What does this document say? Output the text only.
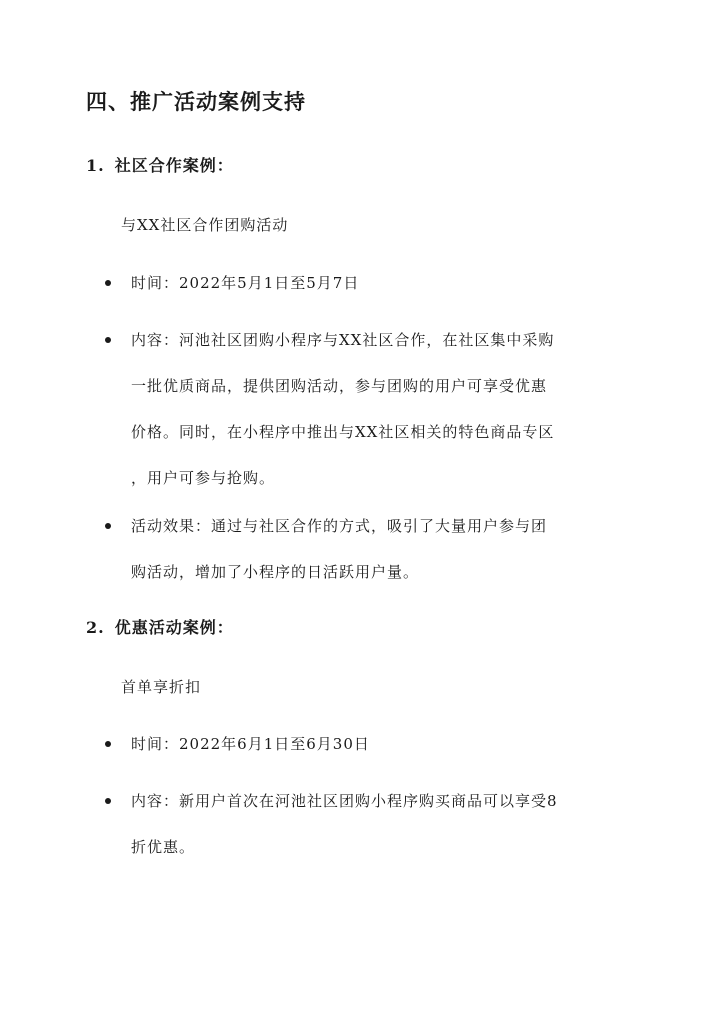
四、推广活动案例支持
1. 社区合作案例：
与XX社区合作团购活动
时间：2022年5月1日至5月7日
内容：河池社区团购小程序与XX社区合作，在社区集中采购
一批优质商品，提供团购活动，参与团购的用户可享受优惠
价格。同时，在小程序中推出与XX社区相关的特色商品专区
，用户可参与抢购。
活动效果：通过与社区合作的方式，吸引了大量用户参与团
购活动，增加了小程序的日活跃用户量。
2. 优惠活动案例：
首单享折扣
时间：2022年6月1日至6月30日
内容：新用户首次在河池社区团购小程序购买商品可以享受8
折优惠。
